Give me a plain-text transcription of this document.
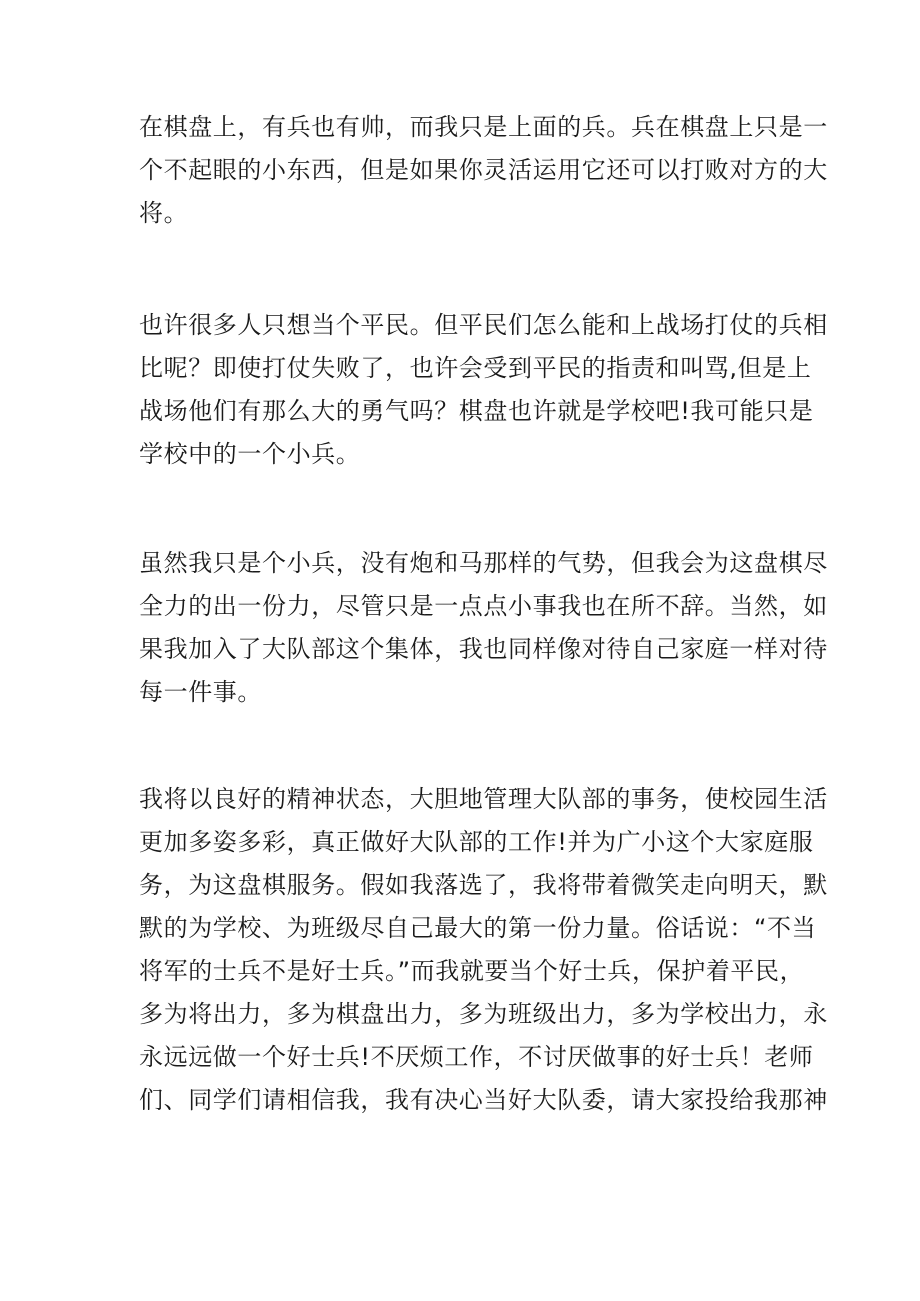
在棋盘上，有兵也有帅，而我只是上面的兵。兵在棋盘上只是一
个不起眼的小东西，但是如果你灵活运用它还可以打败对方的大
将。
也许很多人只想当个平民。但平民们怎么能和上战场打仗的兵相
比呢？即使打仗失败了，也许会受到平民的指责和叫骂,但是上
战场他们有那么大的勇气吗？棋盘也许就是学校吧!我可能只是
学校中的一个小兵。
虽然我只是个小兵，没有炮和马那样的气势，但我会为这盘棋尽
全力的出一份力，尽管只是一点点小事我也在所不辞。当然，如
果我加入了大队部这个集体，我也同样像对待自己家庭一样对待
每一件事。
我将以良好的精神状态，大胆地管理大队部的事务，使校园生活
更加多姿多彩，真正做好大队部的工作!并为广小这个大家庭服
务，为这盘棋服务。假如我落选了，我将带着微笑走向明天，默
默的为学校、为班级尽自己最大的第一份力量。俗话说：“不当
将军的士兵不是好士兵。”而我就要当个好士兵，保护着平民，
多为将出力，多为棋盘出力，多为班级出力，多为学校出力，永
永远远做一个好士兵!不厌烦工作，不讨厌做事的好士兵！老师
们、同学们请相信我，我有决心当好大队委，请大家投给我那神
